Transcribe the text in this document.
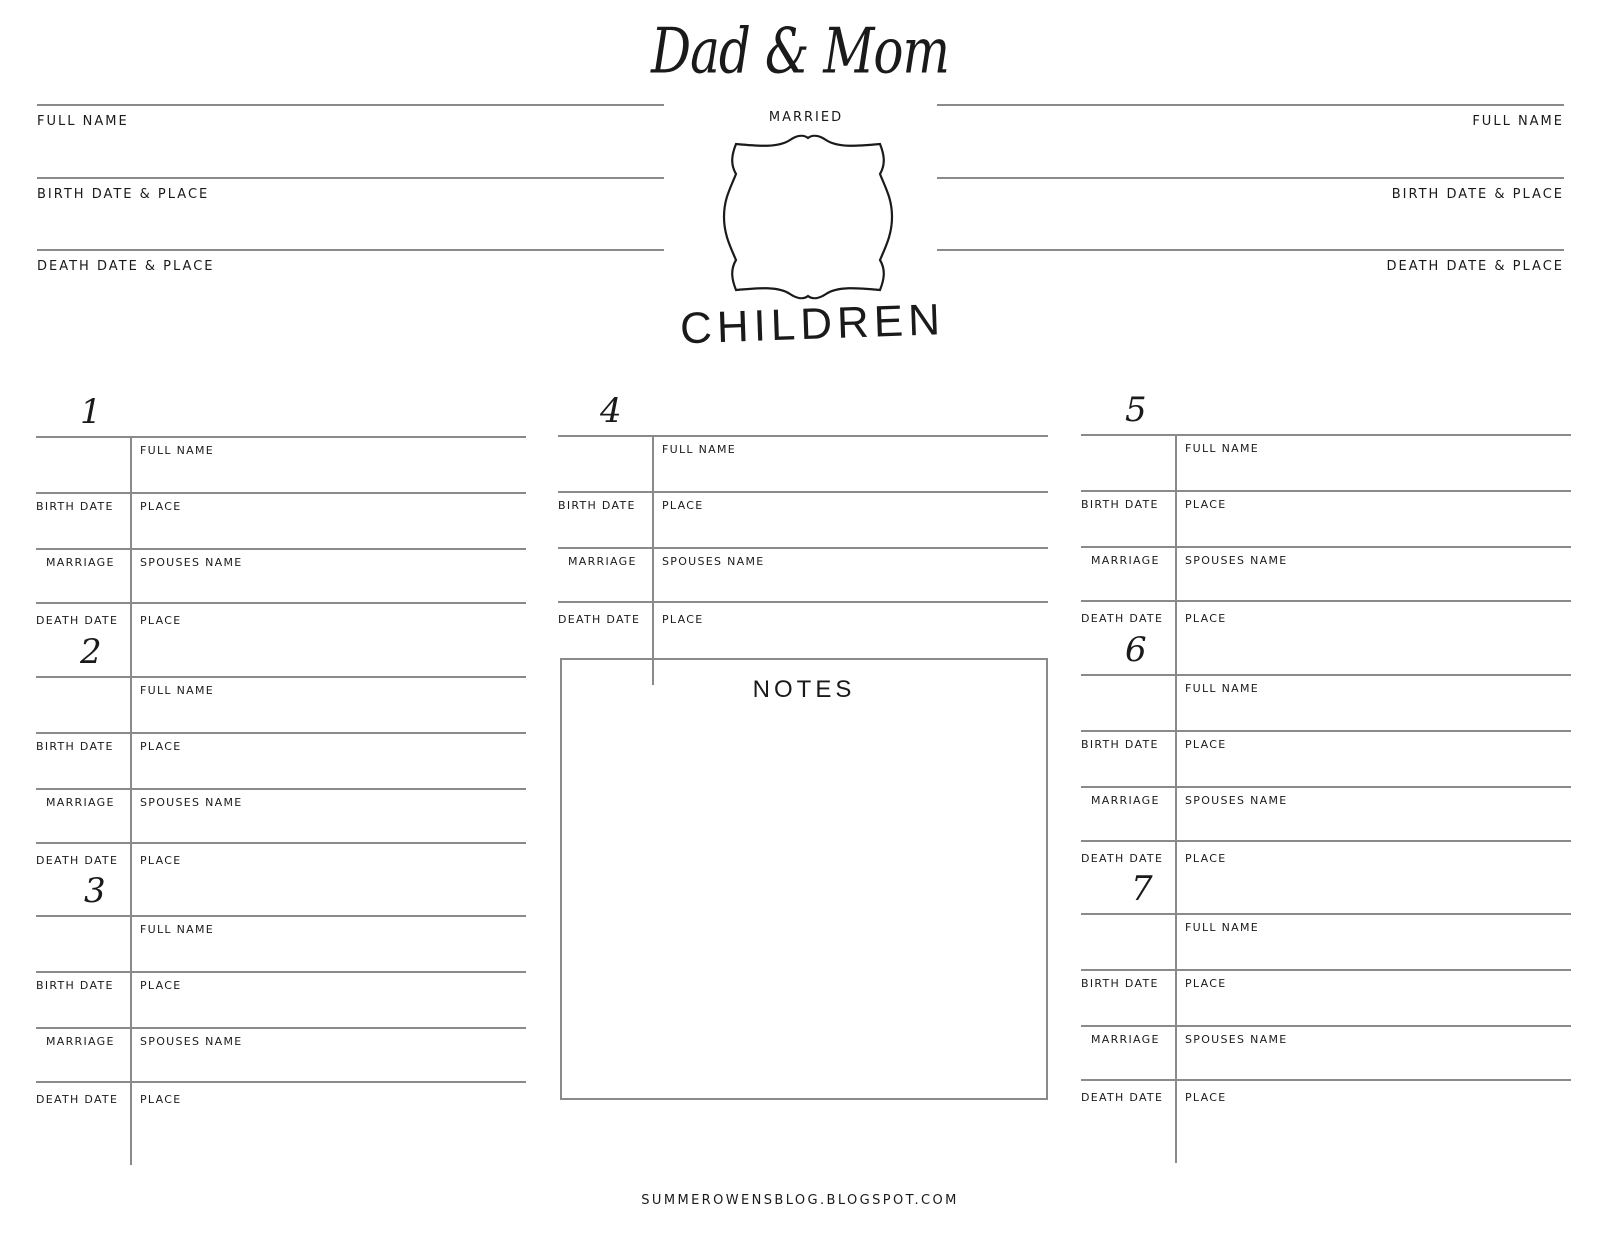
Dad & Mom
FULL NAME
BIRTH DATE & PLACE
DEATH DATE & PLACE
FULL NAME
BIRTH DATE & PLACE
DEATH DATE & PLACE
MARRIED
CHILDREN
1
FULL NAME
BIRTH DATE PLACE
MARRIAGE SPOUSES NAME
DEATH DATE PLACE
2
FULL NAME
BIRTH DATE PLACE
MARRIAGE SPOUSES NAME
DEATH DATE PLACE
3
FULL NAME
BIRTH DATE PLACE
MARRIAGE SPOUSES NAME
DEATH DATE PLACE
4
FULL NAME
BIRTH DATE PLACE
MARRIAGE SPOUSES NAME
DEATH DATE PLACE
5
FULL NAME
BIRTH DATE PLACE
MARRIAGE SPOUSES NAME
DEATH DATE PLACE
6
FULL NAME
BIRTH DATE PLACE
MARRIAGE SPOUSES NAME
DEATH DATE PLACE
7
FULL NAME
BIRTH DATE PLACE
MARRIAGE SPOUSES NAME
DEATH DATE PLACE
NOTES
SUMMEROWENSBLOG.BLOGSPOT.COM
